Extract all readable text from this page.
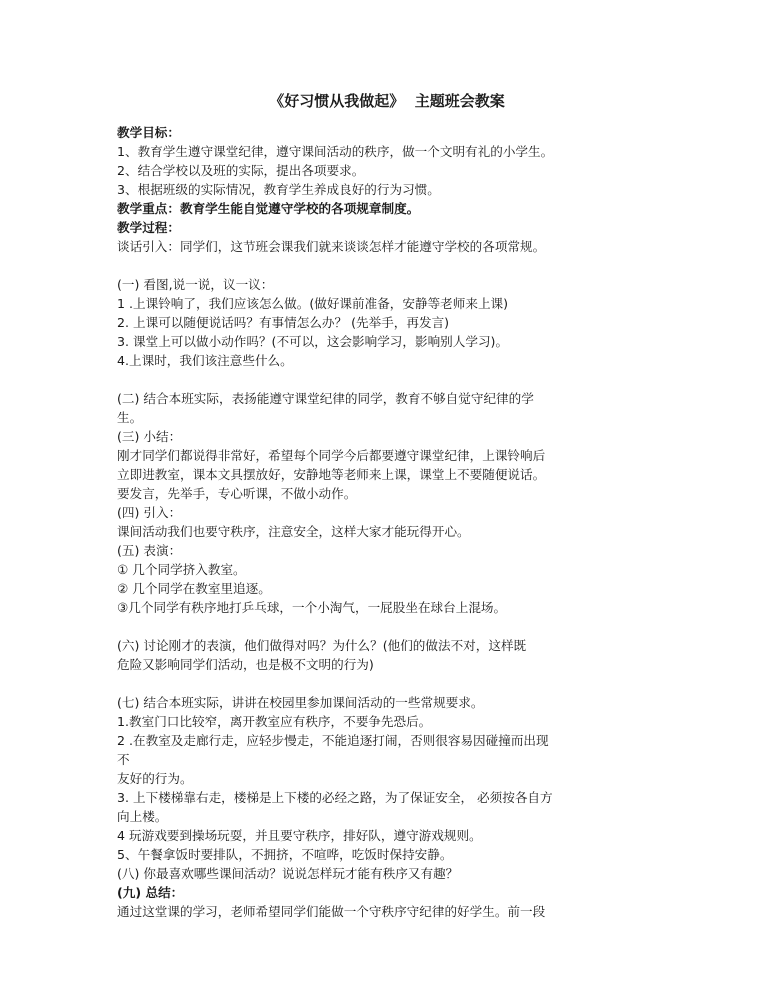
《好习惯从我做起》  主题班会教案
教学目标：
1、教育学生遵守课堂纪律，遵守课间活动的秩序，做一个文明有礼的小学生。
2、结合学校以及班的实际，提出各项要求。
3、根据班级的实际情况，教育学生养成良好的行为习惯。
教学重点：教育学生能自觉遵守学校的各项规章制度。
教学过程：
谈话引入：同学们，这节班会课我们就来谈谈怎样才能遵守学校的各项常规。
(一) 看图,说一说，议一议：
1 .上课铃响了，我们应该怎么做。(做好课前准备，安静等老师来上课)
2. 上课可以随便说话吗？有事情怎么办？ (先举手，再发言)
3. 课堂上可以做小动作吗？(不可以，这会影响学习，影响别人学习)。
4.上课时，我们该注意些什么。
(二) 结合本班实际，表扬能遵守课堂纪律的同学，教育不够自觉守纪律的学
生。
(三) 小结：
刚才同学们都说得非常好，希望每个同学今后都要遵守课堂纪律，上课铃响后
立即进教室，课本文具摆放好，安静地等老师来上课，课堂上不要随便说话。
要发言，先举手，专心听课，不做小动作。
(四) 引入：
课间活动我们也要守秩序，注意安全，这样大家才能玩得开心。
(五) 表演：
① 几个同学挤入教室。
② 几个同学在教室里追逐。
③几个同学有秩序地打乒乓球，一个小淘气，一屁股坐在球台上混场。
(六) 讨论刚才的表演，他们做得对吗？为什么？(他们的做法不对，这样既
危险又影响同学们活动，也是极不文明的行为)
(七) 结合本班实际，讲讲在校园里参加课间活动的一些常规要求。
1.教室门口比较窄，离开教室应有秩序，不要争先恐后。
2 .在教室及走廊行走，应轻步慢走，不能追逐打闹，否则很容易因碰撞而出现
不
友好的行为。
3. 上下楼梯靠右走，楼梯是上下楼的必经之路，为了保证安全， 必须按各自方
向上楼。
4 玩游戏要到操场玩耍，并且要守秩序，排好队，遵守游戏规则。
5、午餐拿饭时要排队，不拥挤，不喧哗，吃饭时保持安静。
(八) 你最喜欢哪些课间活动？说说怎样玩才能有秩序又有趣？
(九) 总结：
通过这堂课的学习，老师希望同学们能做一个守秩序守纪律的好学生。前一段
